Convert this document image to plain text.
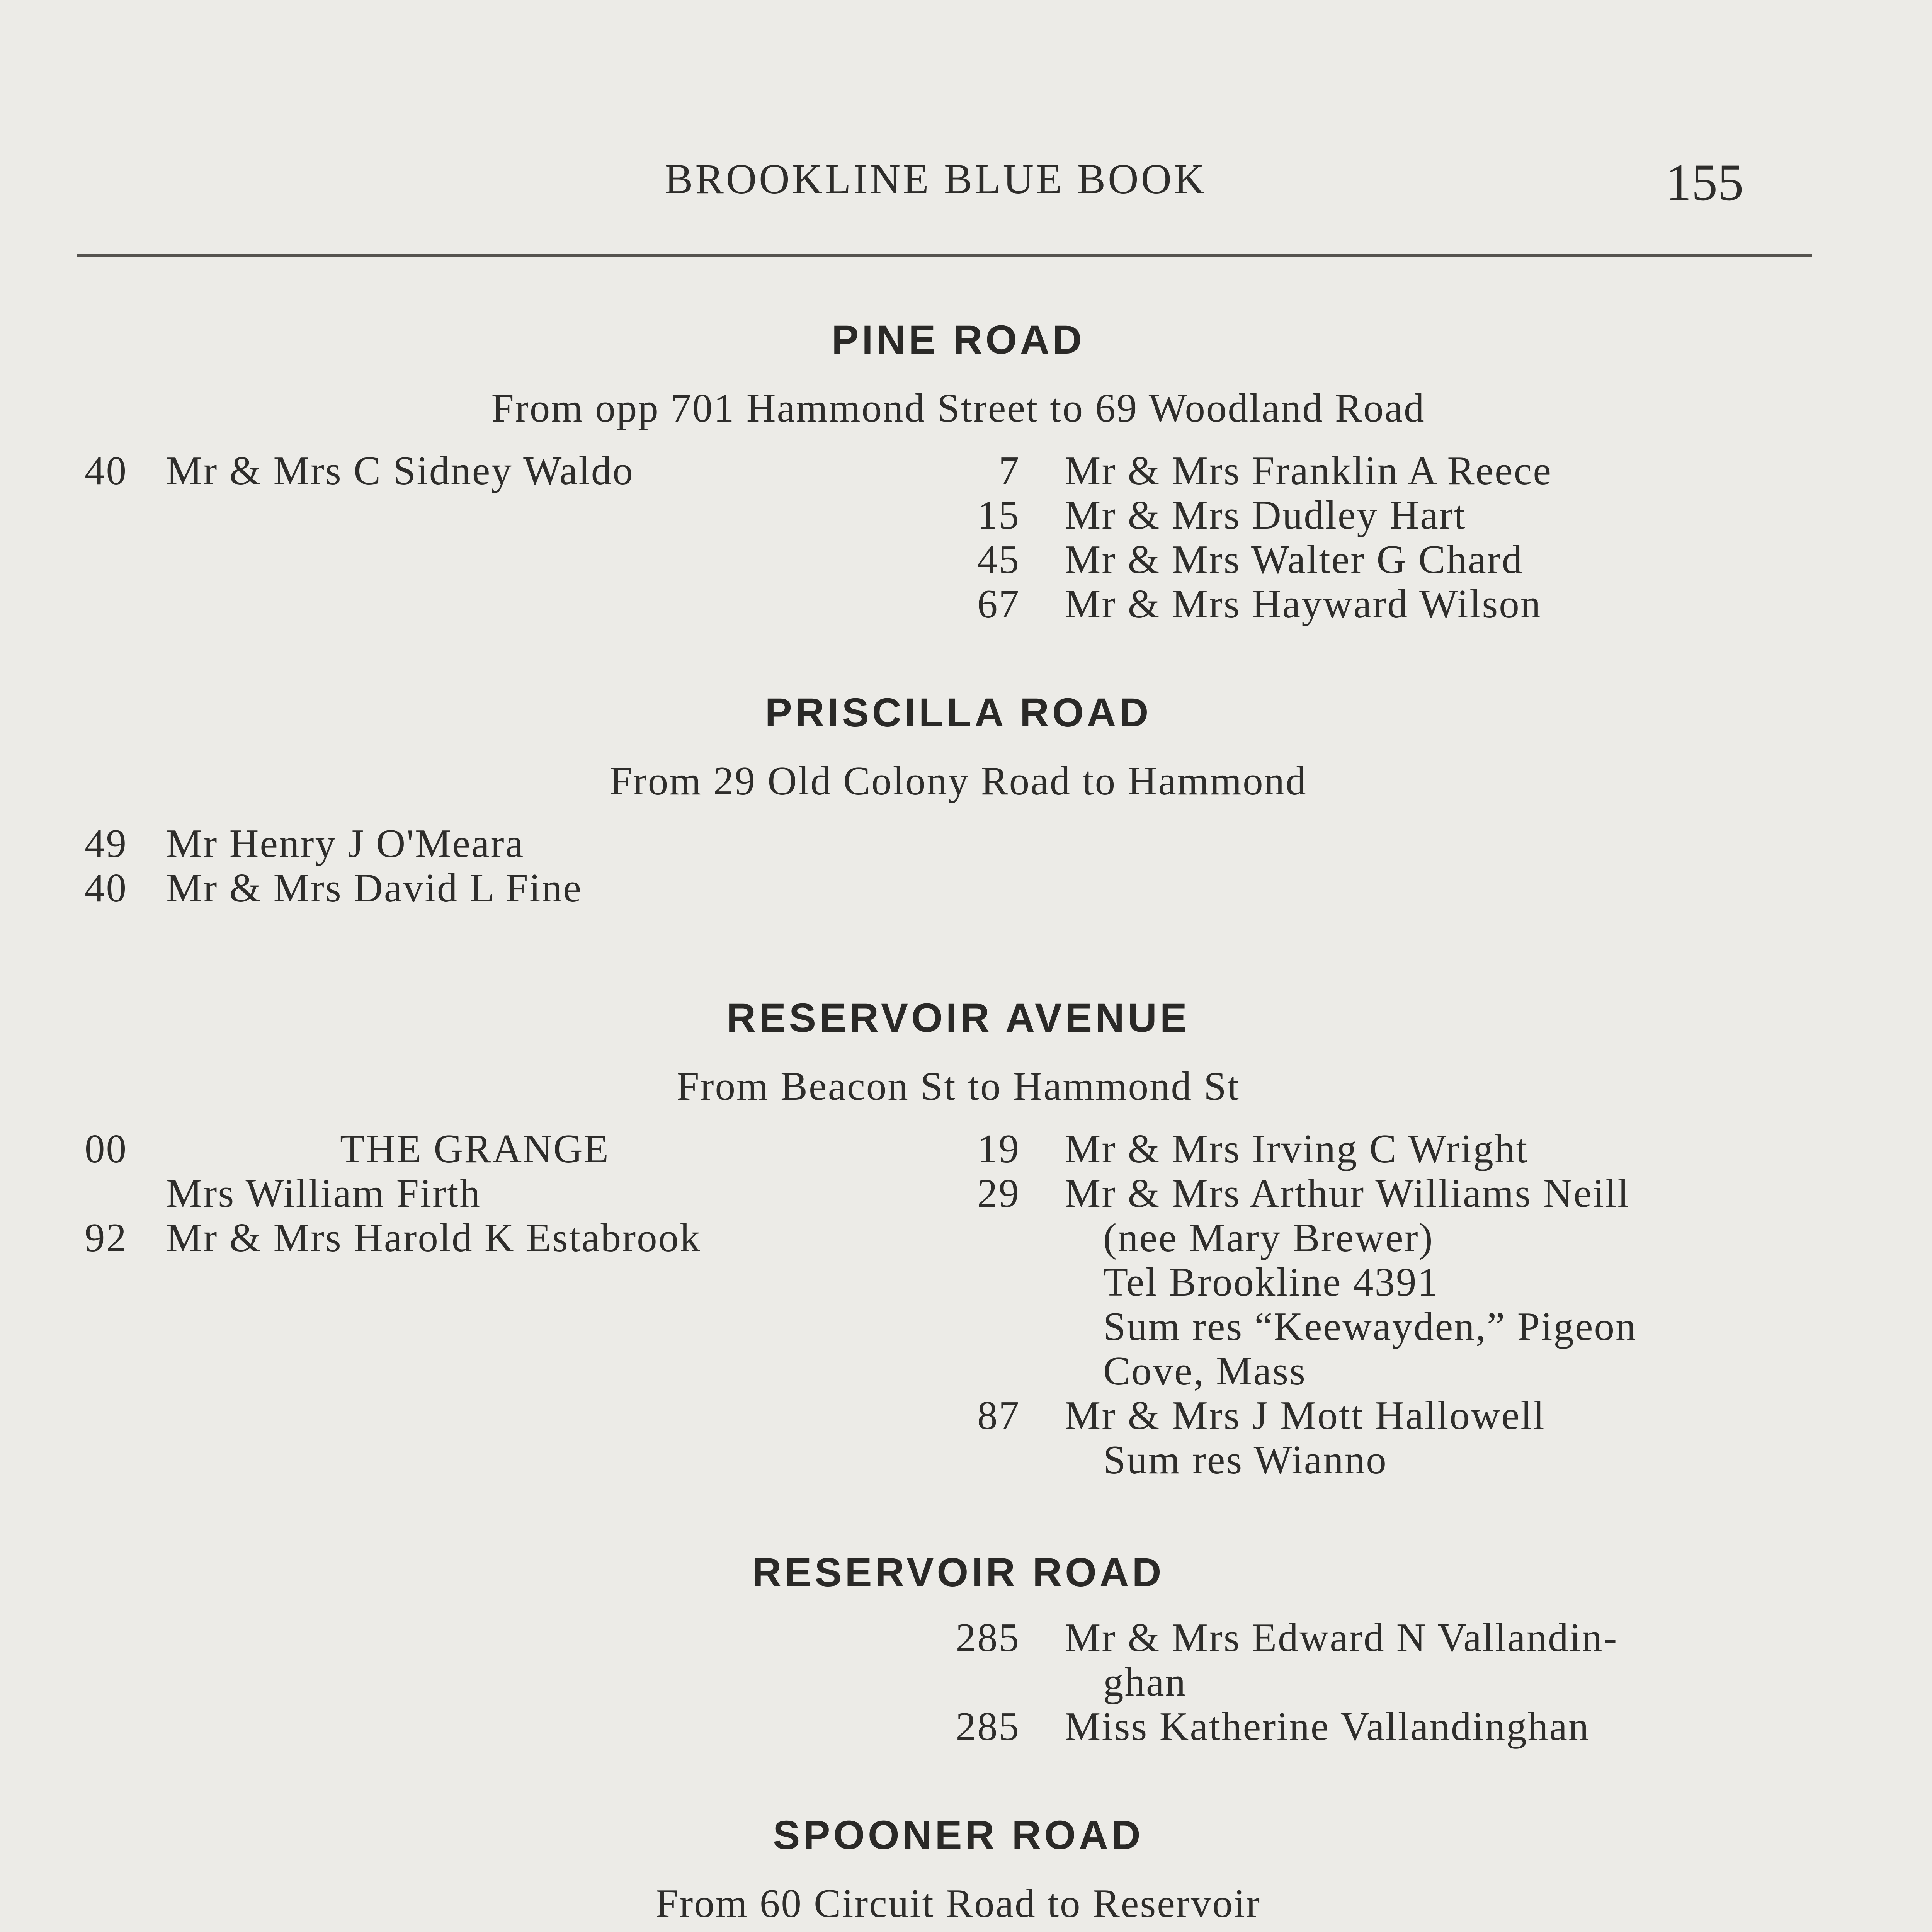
BROOKLINE BLUE BOOK	155
PINE ROAD
From opp 701 Hammond Street to 69 Woodland Road
PRISCILLA ROAD
From 29 Old Colony Road to Hammond
RESERVOIR AVENUE
From Beacon St to Hammond St
RESERVOIR ROAD
SPOONER ROAD
From 60 Circuit Road to Reservoir
40 Mr & Mrs C Sidney Waldo	7 Mr & Mrs Franklin A Reece
15 Mr & Mrs Dudley Hart
45 Mr & Mrs Walter G Chard
67 Mr & Mrs Hayward Wilson
49 Mr Henry J O'Meara
40 Mr & Mrs David L Fine
00	THE GRANGE
Mrs William Firth
92 Mr & Mrs Harold K Estabrook
19 Mr & Mrs Irving C Wright
29 Mr & Mrs Arthur Williams Neill
(nee Mary Brewer)
Tel Brookline 4391
Sum res “Keewayden,” Pigeon
Cove, Mass
87 Mr & Mrs J Mott Hallowell
Sum res Wianno
285 Mr & Mrs Edward N Vallandin-
ghan
285 Miss Katherine Vallandinghan
